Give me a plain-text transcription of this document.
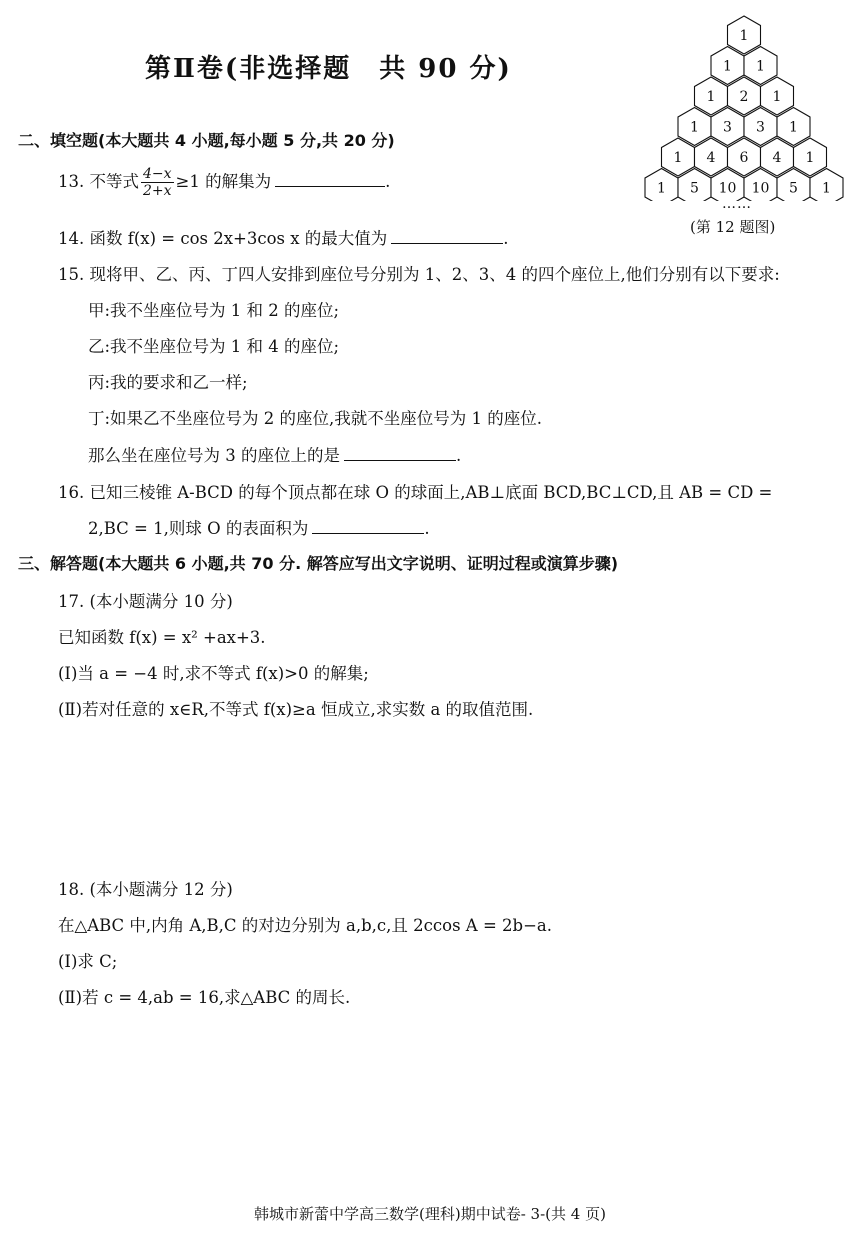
第Ⅱ卷(非选择题　共 90 分)
1
1 1
1 2 1
1 3 3 1
1 4 6 4 1
1 5 10 10 5 1
……
(第 12 题图)
二、填空题(本大题共 4 小题,每小题 5 分,共 20 分)
13. 不等式 $\frac{4-x}{2+x} \ge 1$ 的解集为	.
14. 函数 f(x) = cos 2x+3cos x 的最大值为	.
15. 现将甲、乙、丙、丁四人安排到座位号分别为 1、2、3、4 的四个座位上,他们分别有以下要求:
甲:我不坐座位号为 1 和 2 的座位;
乙:我不坐座位号为 1 和 4 的座位;
丙:我的要求和乙一样;
丁:如果乙不坐座位号为 2 的座位,我就不坐座位号为 1 的座位.
那么坐在座位号为 3 的座位上的是	.
16. 已知三棱锥 A-BCD 的每个顶点都在球 O 的球面上,AB⊥底面 BCD,BC⊥CD,且 AB = CD =
2,BC = 1,则球 O 的表面积为	.
三、解答题(本大题共 6 小题,共 70 分. 解答应写出文字说明、证明过程或演算步骤)
17. (本小题满分 10 分)
已知函数 f(x) = x² +ax+3.
(Ⅰ)当 a = −4 时,求不等式 f(x)>0 的解集;
(Ⅱ)若对任意的 x∈R,不等式 f(x)≥a 恒成立,求实数 a 的取值范围.
18. (本小题满分 12 分)
在△ABC 中,内角 A,B,C 的对边分别为 a,b,c,且 2ccos A = 2b−a.
(Ⅰ)求 C;
(Ⅱ)若 c = 4,ab = 16,求△ABC 的周长.
韩城市新蕾中学高三数学(理科)期中试卷- 3-(共 4 页)
